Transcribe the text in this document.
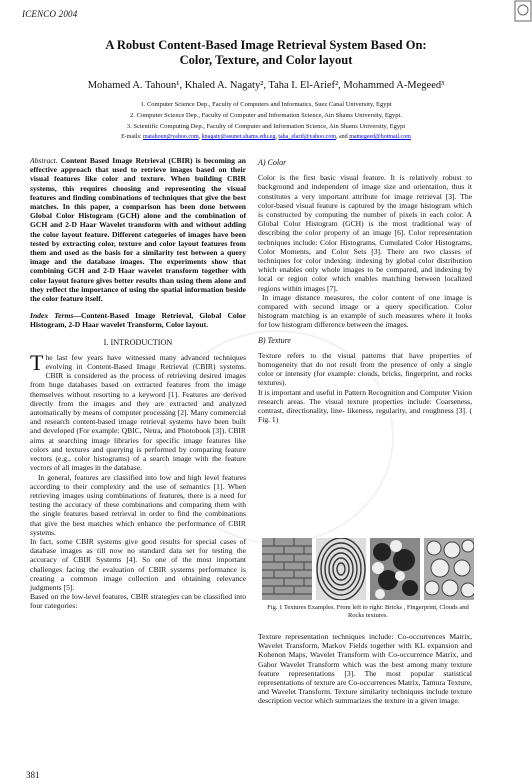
ICENCO 2004
A Robust Content-Based Image Retrieval System Based On:
Color, Texture, and Color layout
Mohamed A. Tahoun¹, Khaled A. Nagaty², Taha I. El-Arief², Mohammed A-Megeed³
1. Computer Science Dep., Faculty of Computers and Informatics, Suez Canal University, Egypt
2. Computer Science Dep., Faculty of Computer and Information Science, Ain Shams University, Egypt.
3. Scientific Computing Dep., Faculty of Computer and Information Science, Ain Shams University, Egypt
E-mails: matahoun@yahoo.com, knagaty@asunet.shams.edu.eg, taha_elarif@yahoo.com, and mamegeed@hotmail.com

Abstract. Content Based Image Retrieval (CBIR) is becoming an effective approach that used to retrieve images based on their visual features like color and texture. When building CBIR systems, this requires choosing and representing the visual features and finding combinations of techniques that give the best matches. In this paper, a comparison has been done between Global Color Histogram (GCH) alone and the combination of GCH and 2-D Haar Wavelet transform with and without adding the color layout feature. Different categories of images have been tested by extracting color, texture and color layout features from them and used as the basis for a similarity test between a query image and the database images. The experiments show that combining GCH and 2-D Haar wavelet transform together with color layout feature gives better results than using them alone and they reflect the importance of using the spatial information beside the color feature itself.

Index Terms—Content-Based Image Retrieval, Global Color Histogram, 2-D Haar wavelet Transform, Color layout.

I. INTRODUCTION

The last few years have witnessed many advanced techniques evolving in Content-Based Image Retrieval (CBIR) systems. CBIR is considered as the process of retrieving desired images from huge databases based on extracted features from the image themselves without resorting to a keyword [1]. Features are derived directly from the images and they are extracted and analyzed automatically by means of computer processing [2]. Many commercial and research content-based image retrieval systems have been built and developed (For example: QBIC, Netra, and Photobook [3]). CBIR aims at searching image libraries for specific image features like colors and textures and querying is performed by comparing feature vectors (e.g., color histograms) of a search image with the feature vectors of all images in the database.

In general, features are classified into low and high level features according to their complexity and the use of semantics [1]. When retrieving images using combinations of features, there is a need for testing the accuracy of these combinations and comparing them with the single features based retrieval in order to find the combinations that give the best matches which enhance the performance of CBIR systems.

In fact, some CBIR systems give good results for special cases of database images as till now no standard data set for testing the accuracy of CBIR Systems [4]. So one of the most important challenges facing the evaluation of CBIR systems performance is creating a common image collection and obtaining relevance judgments [5].

Based on the low-level features, CBIR strategies can be classified into four categories:

A) Color

Color is the first basic visual feature. It is relatively robust to background and independent of image size and orientation, thus it constitutes a very important attribute for image retrieval [3]. The color-based visual feature is captured by the image histogram which is constructed by computing the number of pixels in each color. A Global Color Histogram (GCH) is the most traditional way of describing the color property of an image [6]. Color representation techniques include: Color Histograms, Cumulated Color Histograms, Color Moments, and Color Sets [3]. There are two classes of techniques for color indexing: indexing by global color distribution which enables only whole images to be compared, and indexing by local or region color which enables matching between localized regions within images [7].

In image distance measures, the color content of one image is compared with second image or a query specification. Color histogram matching is an example of such measures where it looks for low histogram difference between the images.

B) Texture

Texture refers to the visual patterns that have properties of homogeneity that do not result from the presence of only a single color or intensity (for example: clouds, bricks, fingerprint, and rocks textures).

It is important and useful in Pattern Recognition and Computer Vision research areas. The visual texture properties include: Coarseness, contrast, directionality, line- likeness, regularity, and roughness [3]. ( Fig. 1)

Fig. 1 Textures Examples. From left to right: Bricks , Fingerprint, Clouds and Rocks textures.

Texture representation techniques include: Co-occurrences Matrix, Wavelet Transform, Markov Fields together with KL expansion and Kohenon Maps, Wavelet Transform with Co-occurrence Matrix, and Gabor Wavelet Transform which was the best among many texture feature representations [3]. The most popular statistical representations of texture are Co-occurrences Matrix, Tamura Texture, and Wavelet Transform. Texture similarity techniques include texture description vector which summarizes the texture in a given image.

381
